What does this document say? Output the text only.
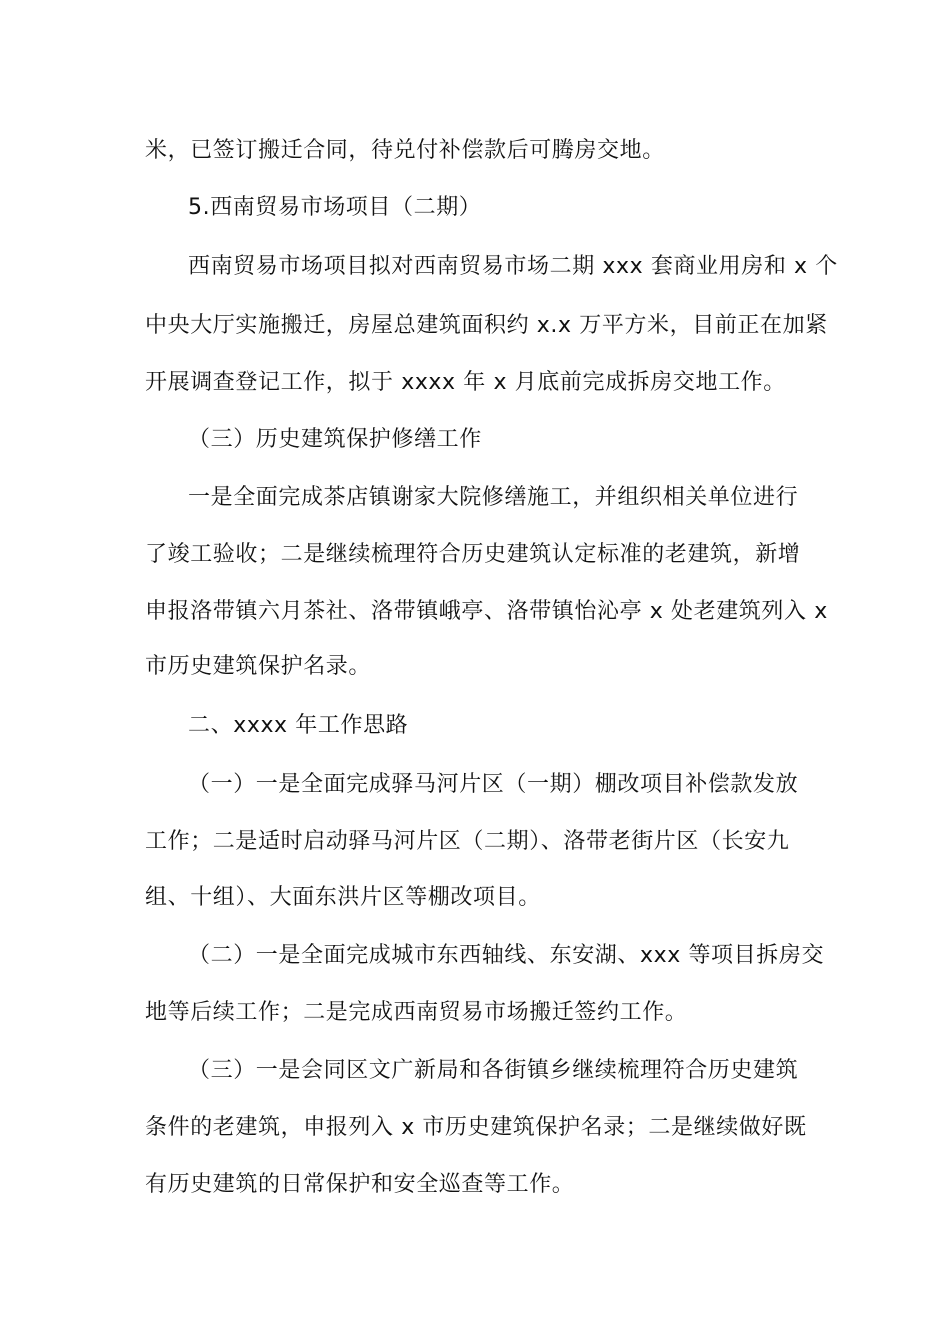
米，已签订搬迁合同，待兑付补偿款后可腾房交地。
5.西南贸易市场项目（二期）
西南贸易市场项目拟对西南贸易市场二期 xxx 套商业用房和 x 个
中央大厅实施搬迁，房屋总建筑面积约 x.x 万平方米，目前正在加紧
开展调查登记工作，拟于 xxxx 年 x 月底前完成拆房交地工作。
（三）历史建筑保护修缮工作
一是全面完成茶店镇谢家大院修缮施工，并组织相关单位进行
了竣工验收；二是继续梳理符合历史建筑认定标准的老建筑，新增
申报洛带镇六月茶社、洛带镇峨亭、洛带镇怡沁亭 x 处老建筑列入 x
市历史建筑保护名录。
二、xxxx 年工作思路
（一）一是全面完成驿马河片区（一期）棚改项目补偿款发放
工作；二是适时启动驿马河片区（二期）、洛带老街片区（长安九
组、十组）、大面东洪片区等棚改项目。
（二）一是全面完成城市东西轴线、东安湖、xxx 等项目拆房交
地等后续工作；二是完成西南贸易市场搬迁签约工作。
（三）一是会同区文广新局和各街镇乡继续梳理符合历史建筑
条件的老建筑，申报列入 x 市历史建筑保护名录；二是继续做好既
有历史建筑的日常保护和安全巡查等工作。
